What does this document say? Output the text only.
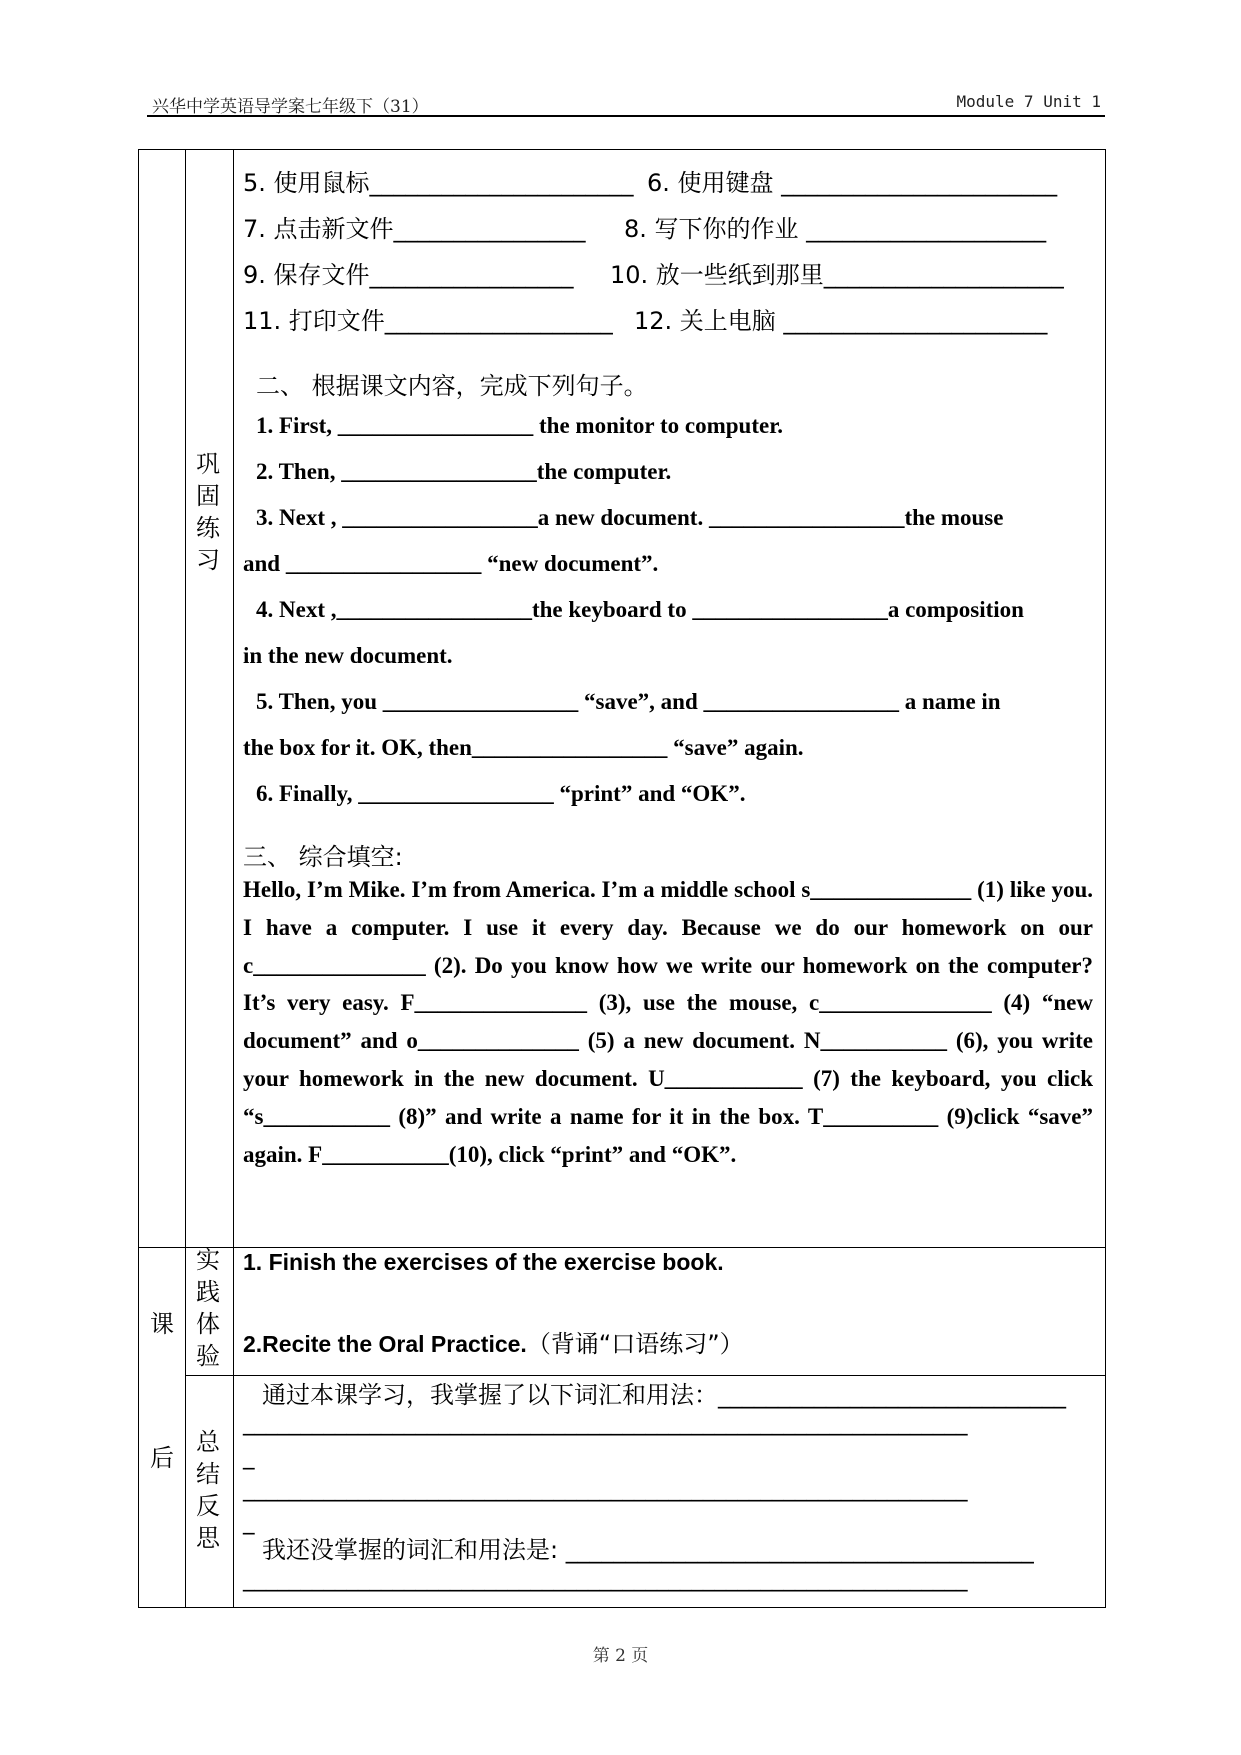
兴华中学英语导学案七年级下（31）	Module 7 Unit 1
巩固练习
实践体验
总结反思
课
后
5. 使用鼠标______________________ 6. 使用键盘 _______________________
7. 点击新文件________________ 8. 写下你的作业 ____________________
9. 保存文件_________________ 10. 放一些纸到那里____________________
11. 打印文件___________________ 12. 关上电脑 ______________________
二、 根据课文内容，完成下列句子。
1. First, _________________ the monitor to computer.
2. Then, _________________the computer.
3. Next , _________________a new document. _________________the mouse
and _________________ “new document”.
4. Next ,_________________the keyboard to _________________a composition
in the new document.
5. Then, you _________________ “save”, and _________________ a name in
the box for it. OK, then_________________ “save” again.
6. Finally, _________________ “print” and “OK”.
三、 综合填空:
Hello, I’m Mike. I’m from America. I’m a middle school s______________ (1) like you. I have a computer. I use it every day. Because we do our homework on our c_______________ (2). Do you know how we write our homework on the computer? It’s very easy. F_______________ (3), use the mouse, c_______________ (4) “new document” and o______________ (5) a new document. N___________ (6), you write your homework in the new document. U____________ (7) the keyboard, you click “s___________ (8)” and write a name for it in the box. T__________ (9)click “save” again. F___________(10), click “print” and “OK”.
1. Finish the exercises of the exercise book.
2.Recite the Oral Practice.（背诵“口语练习”）
通过本课学习，我掌握了以下词汇和用法：_____________________________
_______________________________________________________________
_
_______________________________________________________________
_
我还没掌握的词汇和用法是: _______________________________________
_______________________________________________________________
第 2 页
